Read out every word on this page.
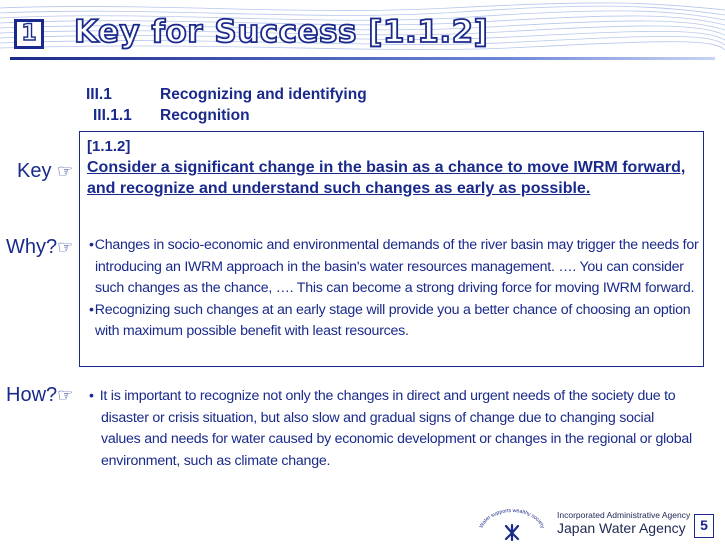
1 Key for Success [1.1.2]
III.1	Recognizing and identifying
III.1.1 Recognition
Key ☞
Why?☞
How?☞
[1.1.2]

Consider a significant change in the basin as a chance to move IWRM forward, and recognize and understand such changes as early as possible.

• Changes in socio-economic and environmental demands of the river basin may trigger the needs for introducing an IWRM approach in the basin's water resources management. …. You can consider such changes as the chance, …. This can become a strong driving force for moving IWRM forward.
• Recognizing such changes at an early stage will provide you a better chance of choosing an option with maximum possible benefit with least resources.
• It is important to recognize not only the changes in direct and urgent needs of the society due to disaster or crisis situation, but also slow and gradual signs of change due to changing social values and needs for water caused by economic development or changes in the regional or global environment, such as climate change.
Water supports wealthy society
Incorporated Administrative Agency
Japan Water Agency	5
